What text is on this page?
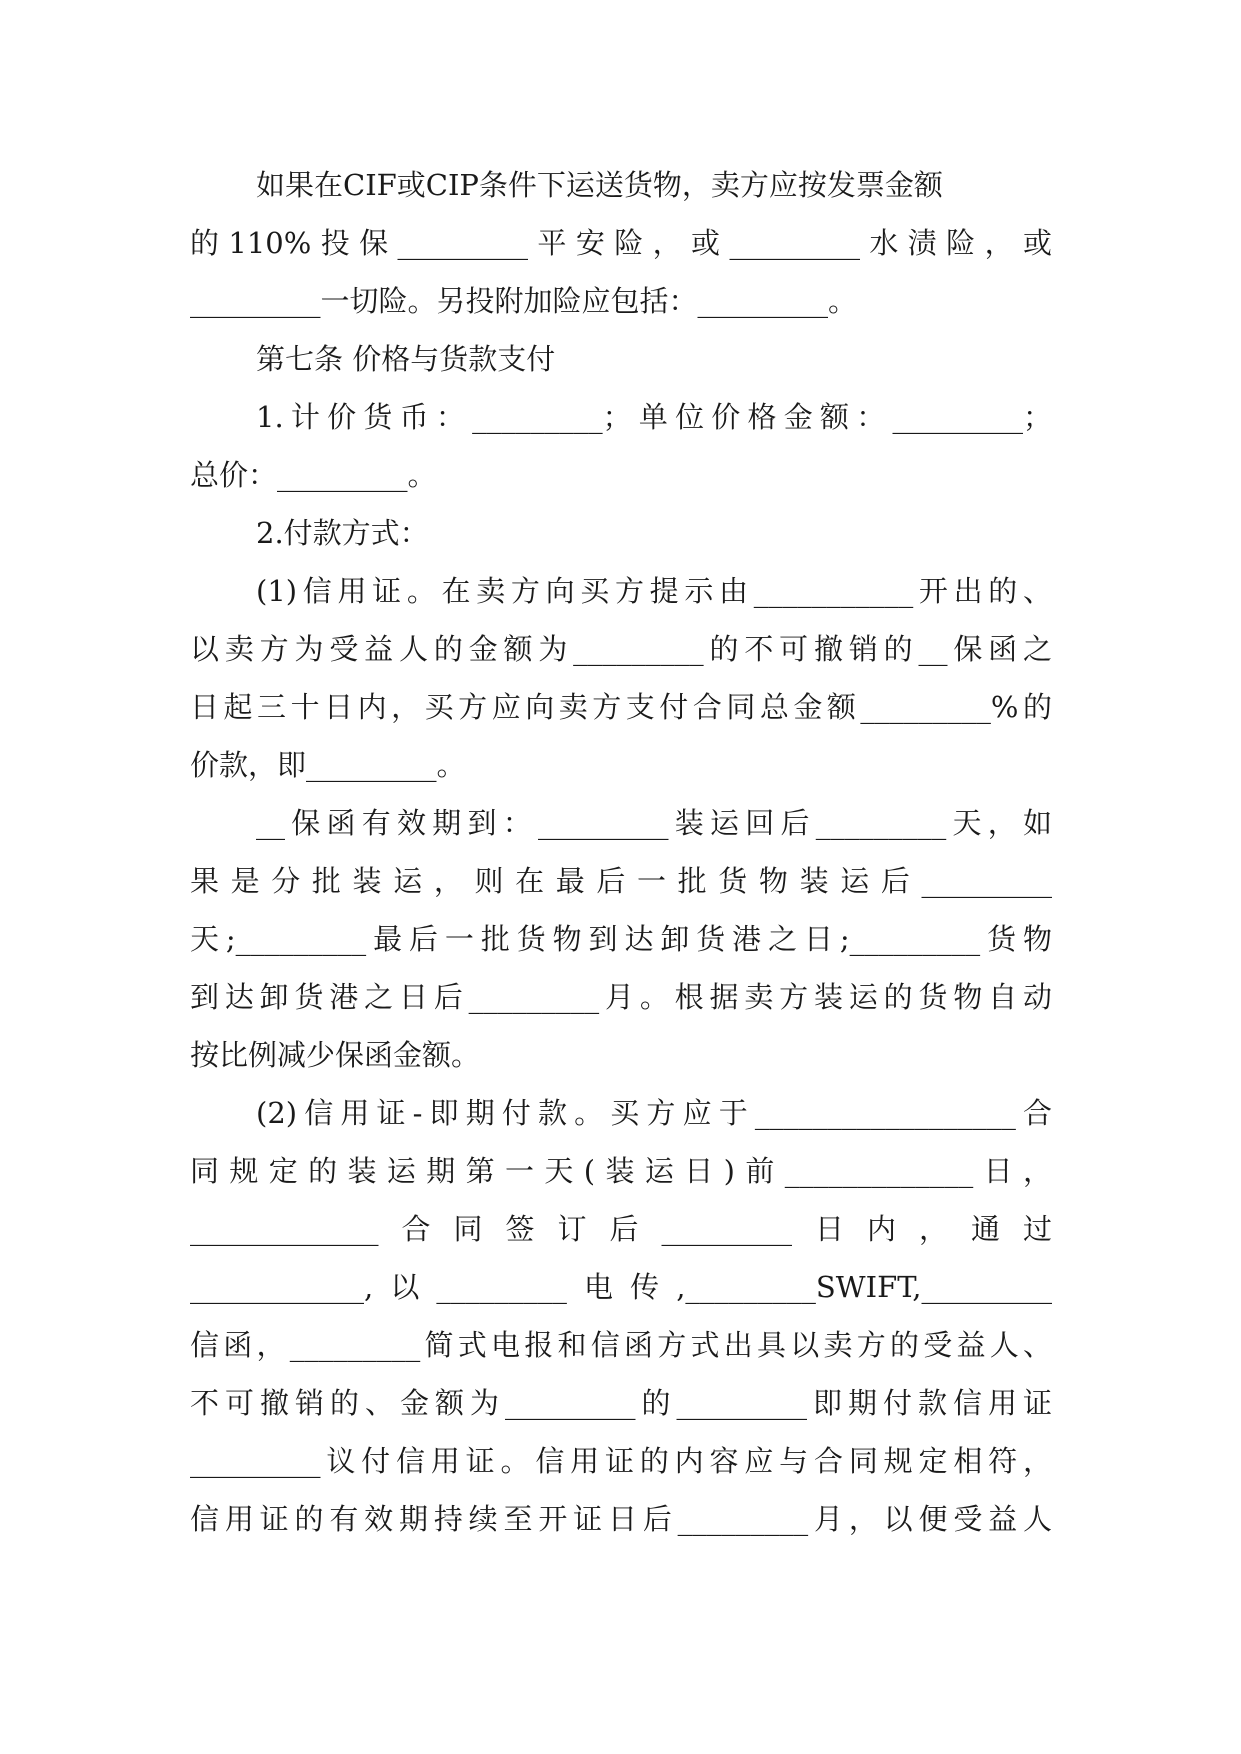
如果在CIF或CIP条件下运送货物，卖方应按发票金额
的110%投保_________平安险，或_________水渍险，或
_________一切险。另投附加险应包括：_________。
第七条 价格与货款支付
1.计价货币：_________；单位价格金额：_________；
总价：_________。
2.付款方式：
(1)信用证。在卖方向买方提示由___________开出的、
以卖方为受益人的金额为_________的不可撤销的__保函之
日起三十日内，买方应向卖方支付合同总金额_________%的
价款，即_________。
__保函有效期到：_________装运回后_________天，如
果是分批装运，则在最后一批货物装运后_________
天;_________最后一批货物到达卸货港之日;_________货物
到达卸货港之日后_________月。根据卖方装运的货物自动
按比例减少保函金额。
(2)信用证-即期付款。买方应于__________________合
同规定的装运期第一天(装运日)前_____________日，
_____________合同签订后_________日内，通过
____________,以_________电传,_________SWIFT,_________
信函，_________简式电报和信函方式出具以卖方的受益人、
不可撤销的、金额为_________的_________即期付款信用证
_________议付信用证。信用证的内容应与合同规定相符，
信用证的有效期持续至开证日后_________月，以便受益人
